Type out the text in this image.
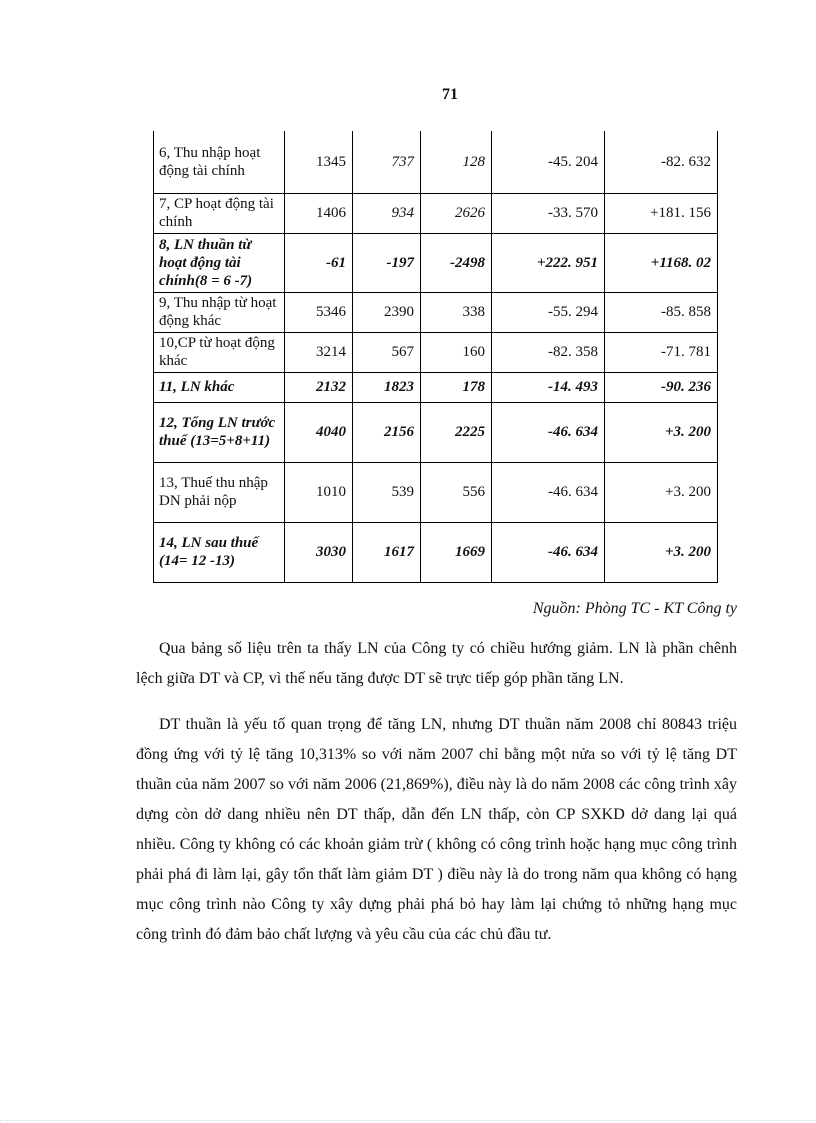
71
6, Thu nhập hoạt động tài chính	1345	737	128	-45. 204	-82. 632
7, CP hoạt động tài chính	1406	934	2626	-33. 570	+181. 156
8, LN thuần từ hoạt động tài chính(8 = 6 -7)	-61	-197	-2498	+222. 951	+1168. 02
9, Thu nhập từ hoạt động khác	5346	2390	338	-55. 294	-85. 858
10,CP từ hoạt động khác	3214	567	160	-82. 358	-71. 781
11, LN khác	2132	1823	178	-14. 493	-90. 236
12, Tổng LN trước thuế (13=5+8+11)	4040	2156	2225	-46. 634	+3. 200
13, Thuế thu nhập DN phải nộp	1010	539	556	-46. 634	+3. 200
14, LN sau thuế (14= 12 -13)	3030	1617	1669	-46. 634	+3. 200
Nguồn: Phòng TC - KT Công ty

Qua bảng số liệu trên ta thấy LN của Công ty có chiều hướng giảm. LN là phần chênh lệch giữa DT và CP, vì thế nếu tăng được DT sẽ trực tiếp góp phần tăng LN.

DT thuần là yếu tố quan trọng để tăng LN, nhưng DT thuần năm 2008 chỉ 80843 triệu đồng ứng với tỷ lệ tăng 10,313% so với năm 2007 chỉ bằng một nửa so với tỷ lệ tăng DT thuần của năm 2007 so với năm 2006 (21,869%), điều này là do năm 2008 các công trình xây dựng còn dở dang nhiều nên DT thấp, dẫn đến LN thấp, còn CP SXKD dở dang lại quá nhiều. Công ty không có các khoản giảm trừ ( không có công trình hoặc hạng mục công trình phải phá đi làm lại, gây tổn thất làm giảm DT ) điều này là do trong năm qua không có hạng mục công trình nào Công ty xây dựng phải phá bỏ hay làm lại chứng tỏ những hạng mục công trình đó đảm bảo chất lượng và yêu cầu của các chủ đầu tư.
